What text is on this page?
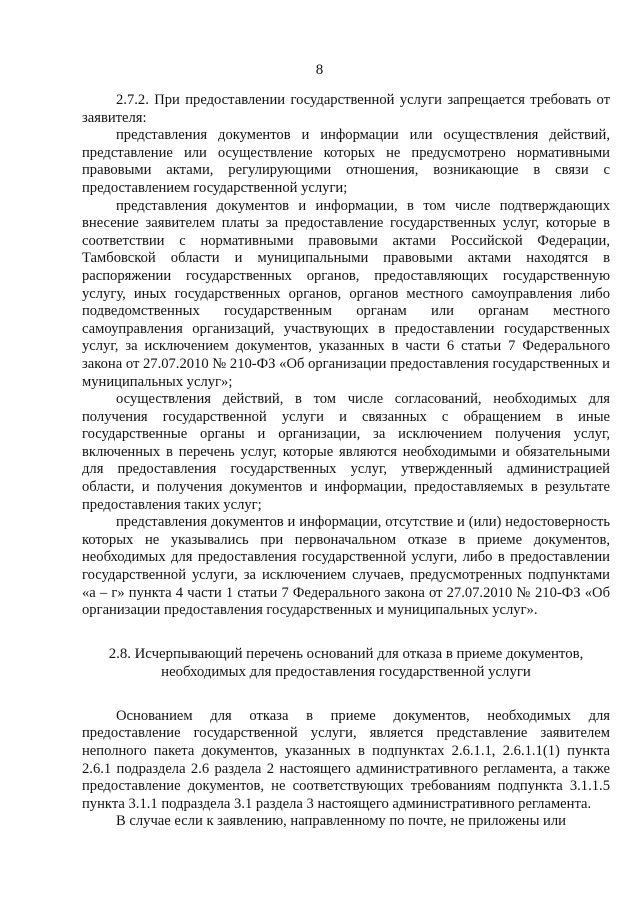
8

2.7.2. При предоставлении государственной услуги запрещается требовать от заявителя:

представления документов и информации или осуществления действий, представление или осуществление которых не предусмотрено нормативными правовыми актами, регулирующими отношения, возникающие в связи с предоставлением государственной услуги;

представления документов и информации, в том числе подтверждающих внесение заявителем платы за предоставление государственных услуг, которые в соответствии с нормативными правовыми актами Российской Федерации, Тамбовской области и муниципальными правовыми актами находятся в распоряжении государственных органов, предоставляющих государственную услугу, иных государственных органов, органов местного самоуправления либо подведомственных государственным органам или органам местного самоуправления организаций, участвующих в предоставлении государственных услуг, за исключением документов, указанных в части 6 статьи 7 Федерального закона от 27.07.2010 № 210-ФЗ «Об организации предоставления государственных и муниципальных услуг»;

осуществления действий, в том числе согласований, необходимых для получения государственной услуги и связанных с обращением в иные государственные органы и организации, за исключением получения услуг, включенных в перечень услуг, которые являются необходимыми и обязательными для предоставления государственных услуг, утвержденный администрацией области, и получения документов и информации, предоставляемых в результате предоставления таких услуг;

представления документов и информации, отсутствие и (или) недостоверность которых не указывались при первоначальном отказе в приеме документов, необходимых для предоставления государственной услуги, либо в предоставлении государственной услуги, за исключением случаев, предусмотренных подпунктами «а – г» пункта 4 части 1 статьи 7 Федерального закона от 27.07.2010 № 210-ФЗ «Об организации предоставления государственных и муниципальных услуг».

2.8. Исчерпывающий перечень оснований для отказа в приеме документов, необходимых для предоставления государственной услуги

Основанием для отказа в приеме документов, необходимых для предоставление государственной услуги, является представление заявителем неполного пакета документов, указанных в подпунктах 2.6.1.1, 2.6.1.1(1) пункта 2.6.1 подраздела 2.6 раздела 2 настоящего административного регламента, а также предоставление документов, не соответствующих требованиям подпункта 3.1.1.5 пункта 3.1.1 подраздела 3.1 раздела 3 настоящего административного регламента.

В случае если к заявлению, направленному по почте, не приложены или
